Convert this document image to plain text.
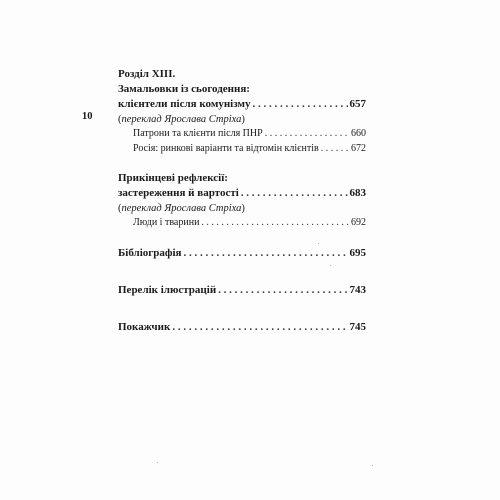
10
Розділ XIII.
Замальовки із сьогодення:
клієнтели після комунізму . . .	657
(переклад Ярослава Стріха)
Патрони та клієнти після ПНР . . .	660
Росія: ринкові варіанти та відтомін клієнтів . . .	672
Прикінцеві рефлексії:
застереження й вартості . . .	683
(переклад Ярослава Стріха)
Люди і тварини . . .	692
Бібліографія . . .	695
Перелік ілюстрацій . . .	743
Покажчик . . .	745
